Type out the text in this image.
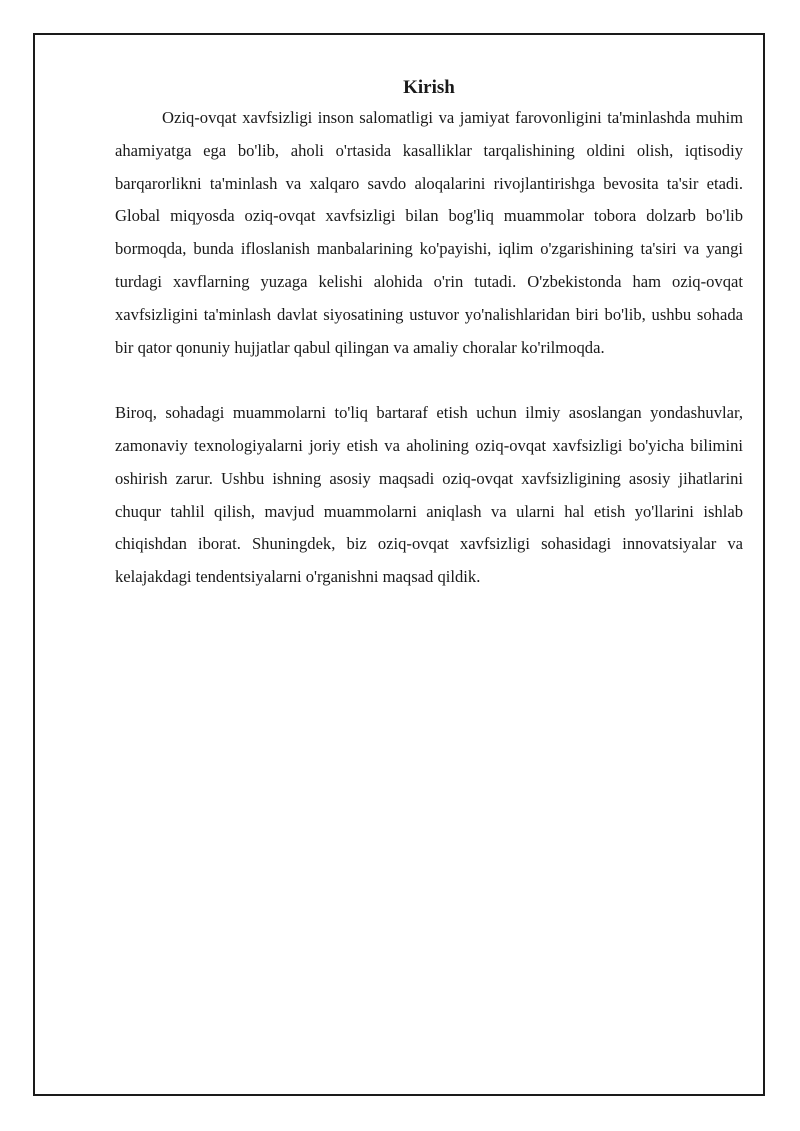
Kirish

Oziq-ovqat xavfsizligi inson salomatligi va jamiyat farovonligini ta'minlashda muhim ahamiyatga ega bo'lib, aholi o'rtasida kasalliklar tarqalishining oldini olish, iqtisodiy barqarorlikni ta'minlash va xalqaro savdo aloqalarini rivojlantirishga bevosita ta'sir etadi. Global miqyosda oziq-ovqat xavfsizligi bilan bog'liq muammolar tobora dolzarb bo'lib bormoqda, bunda ifloslanish manbalarining ko'payishi, iqlim o'zgarishining ta'siri va yangi turdagi xavflarning yuzaga kelishi alohida o'rin tutadi. O'zbekistonda ham oziq-ovqat xavfsizligini ta'minlash davlat siyosatining ustuvor yo'nalishlaridan biri bo'lib, ushbu sohada bir qator qonuniy hujjatlar qabul qilingan va amaliy choralar ko'rilmoqda.

Biroq, sohadagi muammolarni to'liq bartaraf etish uchun ilmiy asoslangan yondashuvlar, zamonaviy texnologiyalarni joriy etish va aholining oziq-ovqat xavfsizligi bo'yicha bilimini oshirish zarur. Ushbu ishning asosiy maqsadi oziq-ovqat xavfsizligining asosiy jihatlarini chuqur tahlil qilish, mavjud muammolarni aniqlash va ularni hal etish yo'llarini ishlab chiqishdan iborat. Shuningdek, biz oziq-ovqat xavfsizligi sohasidagi innovatsiyalar va kelajakdagi tendentsiyalarni o'rganishni maqsad qildik.
